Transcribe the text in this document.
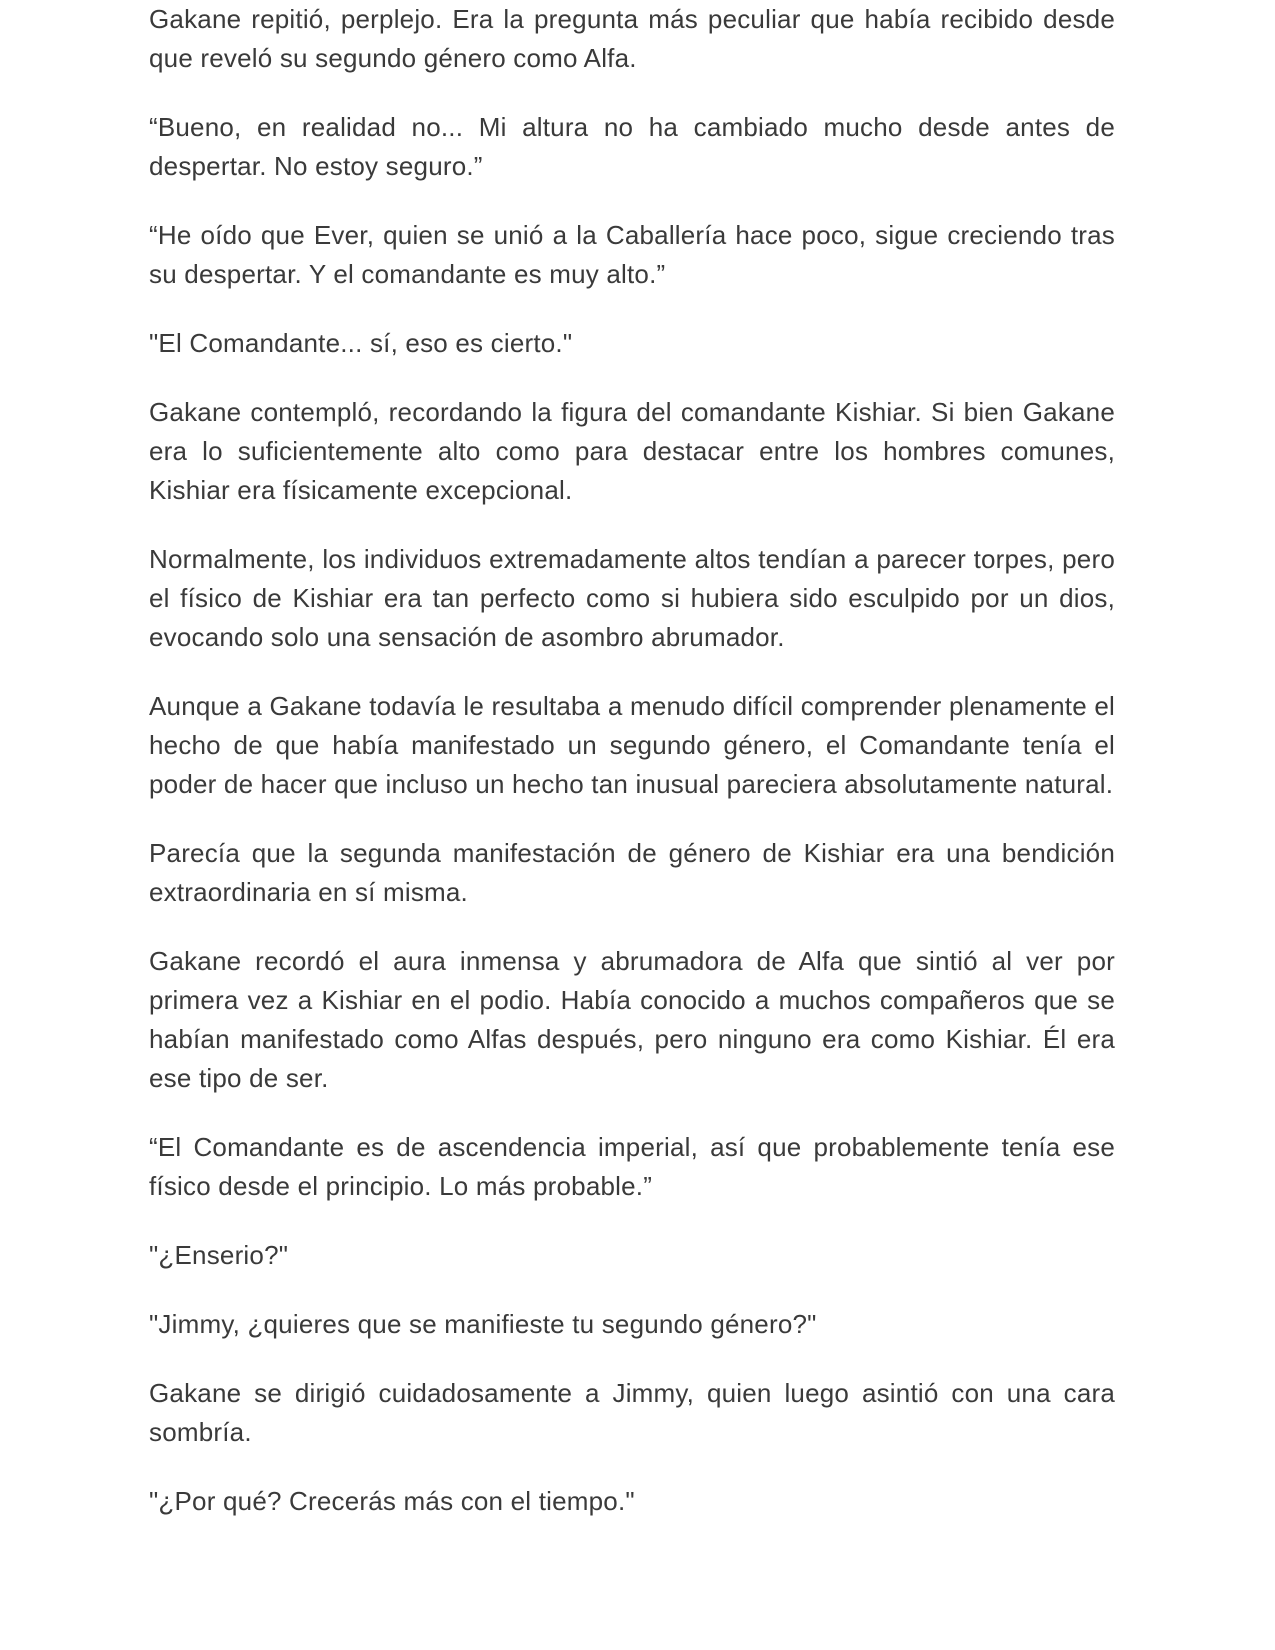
Gakane repitió, perplejo. Era la pregunta más peculiar que había recibido desde que reveló su segundo género como Alfa.

“Bueno, en realidad no... Mi altura no ha cambiado mucho desde antes de despertar. No estoy seguro.”

“He oído que Ever, quien se unió a la Caballería hace poco, sigue creciendo tras su despertar. Y el comandante es muy alto.”

"El Comandante... sí, eso es cierto."

Gakane contempló, recordando la figura del comandante Kishiar. Si bien Gakane era lo suficientemente alto como para destacar entre los hombres comunes, Kishiar era físicamente excepcional.

Normalmente, los individuos extremadamente altos tendían a parecer torpes, pero el físico de Kishiar era tan perfecto como si hubiera sido esculpido por un dios, evocando solo una sensación de asombro abrumador.

Aunque a Gakane todavía le resultaba a menudo difícil comprender plenamente el hecho de que había manifestado un segundo género, el Comandante tenía el poder de hacer que incluso un hecho tan inusual pareciera absolutamente natural.

Parecía que la segunda manifestación de género de Kishiar era una bendición extraordinaria en sí misma.

Gakane recordó el aura inmensa y abrumadora de Alfa que sintió al ver por primera vez a Kishiar en el podio. Había conocido a muchos compañeros que se habían manifestado como Alfas después, pero ninguno era como Kishiar. Él era ese tipo de ser.

“El Comandante es de ascendencia imperial, así que probablemente tenía ese físico desde el principio. Lo más probable.”

"¿Enserio?"

"Jimmy, ¿quieres que se manifieste tu segundo género?"

Gakane se dirigió cuidadosamente a Jimmy, quien luego asintió con una cara sombría.

"¿Por qué? Crecerás más con el tiempo."
